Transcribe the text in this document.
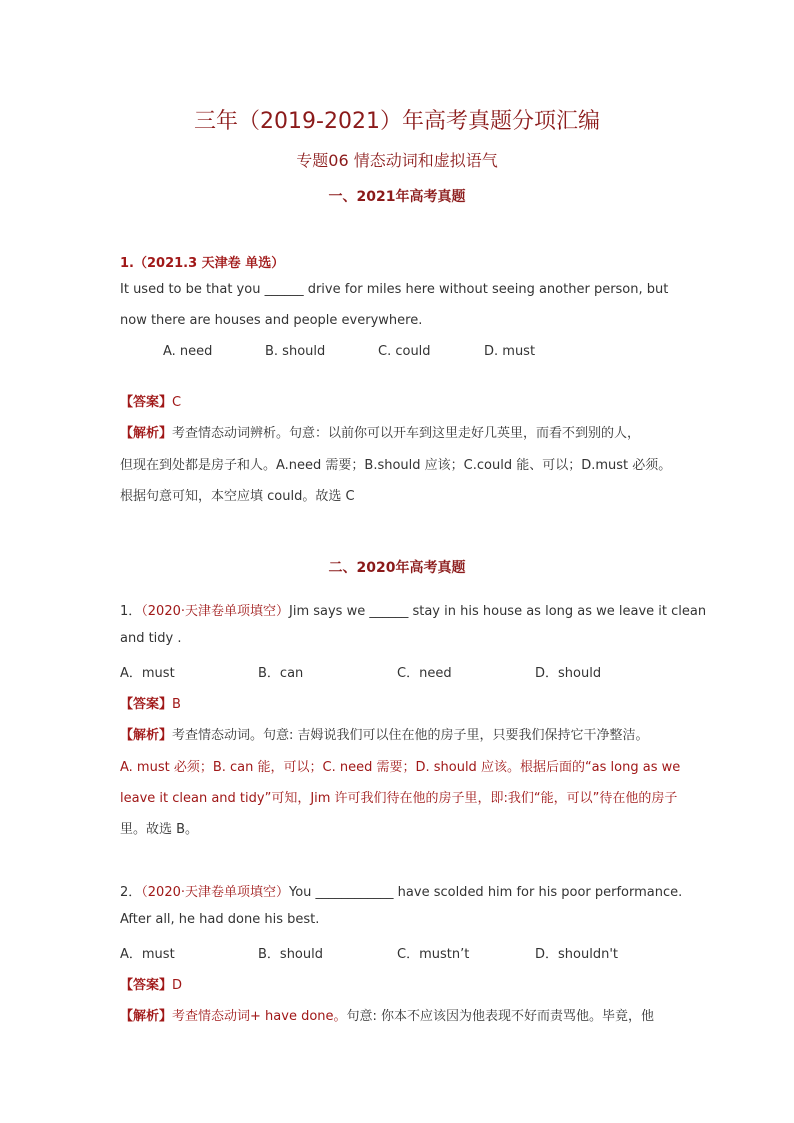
三年（2019-2021）年高考真题分项汇编
专题06 情态动词和虚拟语气
一、2021年高考真题
1.（2021.3 天津卷 单选）
It used to be that you ______ drive for miles here without seeing another person, but
now there are houses and people everywhere.
A. need	B. should	C. could	D. must
【答案】C
【解析】考查情态动词辨析。句意：以前你可以开车到这里走好几英里，而看不到别的人，
但现在到处都是房子和人。A.need 需要；B.should 应该；C.could 能、可以；D.must 必须。
根据句意可知，本空应填 could。故选 C
二、2020年高考真题
1．（2020·天津卷单项填空）Jim says we ______ stay in his house as long as we leave it clean
and tidy .
A．must	B．can	C．need	D．should
【答案】B
【解析】考查情态动词。句意: 吉姆说我们可以住在他的房子里，只要我们保持它干净整洁。
A. must 必须；B. can 能，可以；C. need 需要；D. should 应该。根据后面的“as long as we
leave it clean and tidy”可知，Jim 许可我们待在他的房子里，即:我们“能，可以”待在他的房子
里。故选 B。
2．（2020·天津卷单项填空）You ____________ have scolded him for his poor performance.
After all, he had done his best.
A．must	B．should	C．mustn’t	D．shouldn't
【答案】D
【解析】考查情态动词+ have done。句意: 你本不应该因为他表现不好而责骂他。毕竟，他
